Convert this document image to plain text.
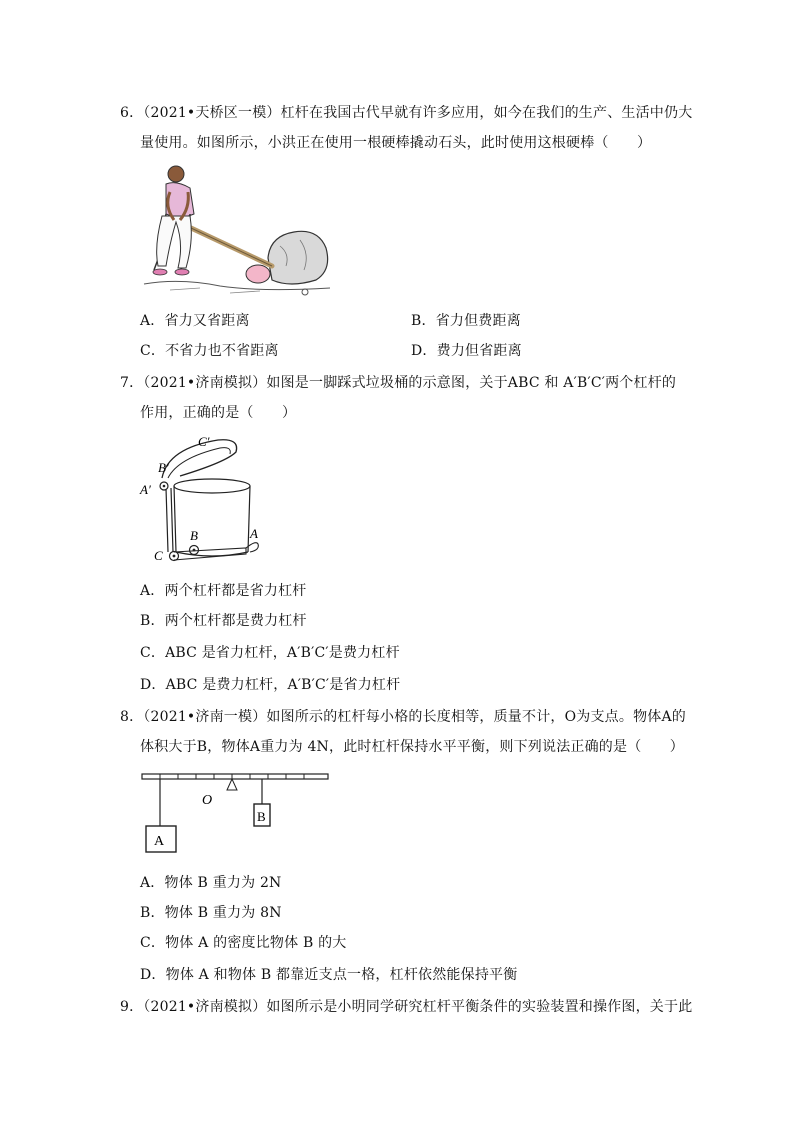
6．（2021•天桥区一模）杠杆在我国古代早就有许多应用，如今在我们的生产、生活中仍大
量使用。如图所示，小洪正在使用一根硬棒撬动石头，此时使用这根硬棒（　　）
A．省力又省距离	B．省力但费距离
C．不省力也不省距离	D．费力但省距离
7．（2021•济南模拟）如图是一脚踩式垃圾桶的示意图，关于ABC 和 A′B′C′两个杠杆的
作用，正确的是（　　）
C′
B′
A′
B	A
C
A．两个杠杆都是省力杠杆
B．两个杠杆都是费力杠杆
C．ABC 是省力杠杆，A′B′C′是费力杠杆
D．ABC 是费力杠杆，A′B′C′是省力杠杆
8．（2021•济南一模）如图所示的杠杆每小格的长度相等，质量不计，O为支点。物体A的
体积大于B，物体A重力为 4N，此时杠杆保持水平平衡，则下列说法正确的是（　　）
O
A
B
A．物体 B 重力为 2N
B．物体 B 重力为 8N
C．物体 A 的密度比物体 B 的大
D．物体 A 和物体 B 都靠近支点一格，杠杆依然能保持平衡
9．（2021•济南模拟）如图所示是小明同学研究杠杆平衡条件的实验装置和操作图，关于此
